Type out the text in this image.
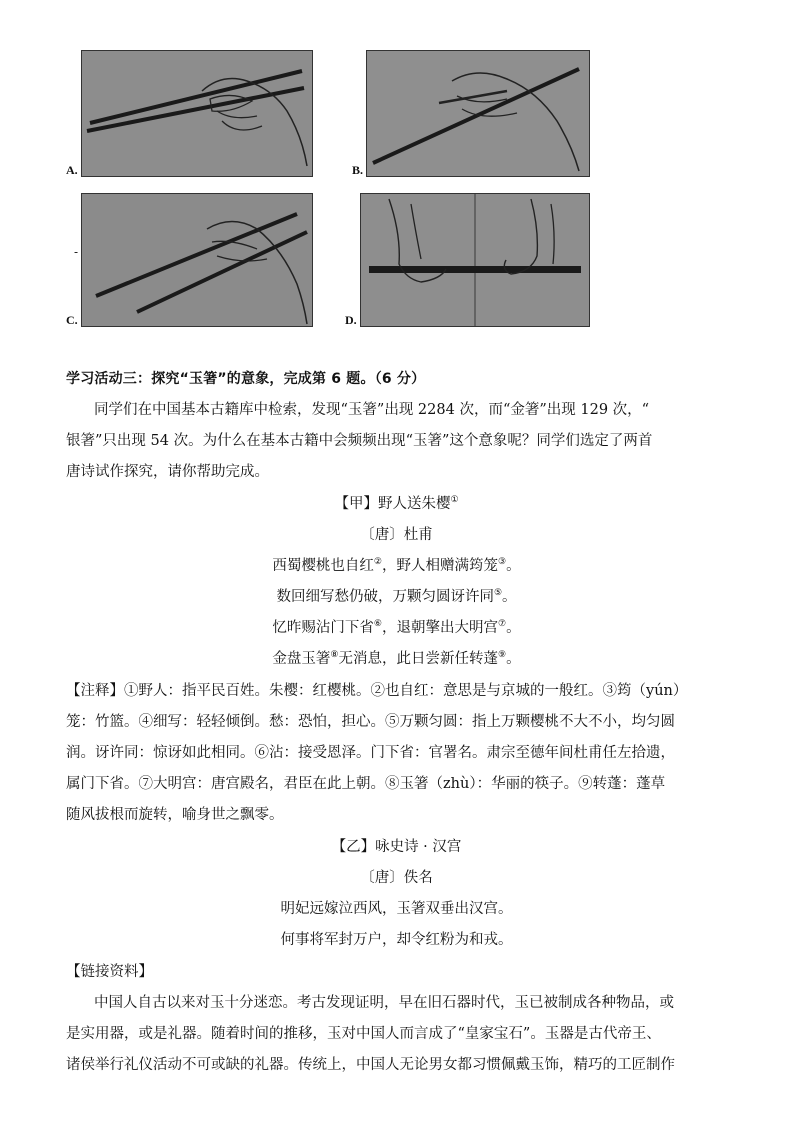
A.	B.
-
C.	D.
学习活动三：探究“玉箸”的意象，完成第 6 题。（6 分）
同学们在中国基本古籍库中检索，发现“玉箸”出现 2284 次，而“金箸”出现 129 次，“
银箸”只出现 54 次。为什么在基本古籍中会频频出现“玉箸”这个意象呢？同学们选定了两首
唐诗试作探究，请你帮助完成。
【甲】野人送朱樱①
〔唐〕杜甫
西蜀樱桃也自红②，野人相赠满筠笼③。
数回细写愁仍破，万颗匀圆讶许同⑤。
忆昨赐沾门下省⑥，退朝擎出大明宫⑦。
金盘玉箸⑧无消息，此日尝新任转蓬⑨。
【注释】①野人：指平民百姓。朱樱：红樱桃。②也自红：意思是与京城的一般红。③筠（yún）
笼：竹篮。④细写：轻轻倾倒。愁：恐怕，担心。⑤万颗匀圆：指上万颗樱桃不大不小，均匀圆
润。讶许同：惊讶如此相同。⑥沾：接受恩泽。门下省：官署名。肃宗至德年间杜甫任左拾遗，
属门下省。⑦大明宫：唐宫殿名，君臣在此上朝。⑧玉箸（zhù）：华丽的筷子。⑨转蓬：蓬草
随风拔根而旋转，喻身世之飘零。
【乙】咏史诗 · 汉宫
〔唐〕佚名
明妃远嫁泣西风，玉箸双垂出汉宫。
何事将军封万户，却令红粉为和戎。
【链接资料】
中国人自古以来对玉十分迷恋。考古发现证明，早在旧石器时代，玉已被制成各种物品，或
是实用器，或是礼器。随着时间的推移，玉对中国人而言成了“皇家宝石”。玉器是古代帝王、
诸侯举行礼仪活动不可或缺的礼器。传统上，中国人无论男女都习惯佩戴玉饰，精巧的工匠制作
